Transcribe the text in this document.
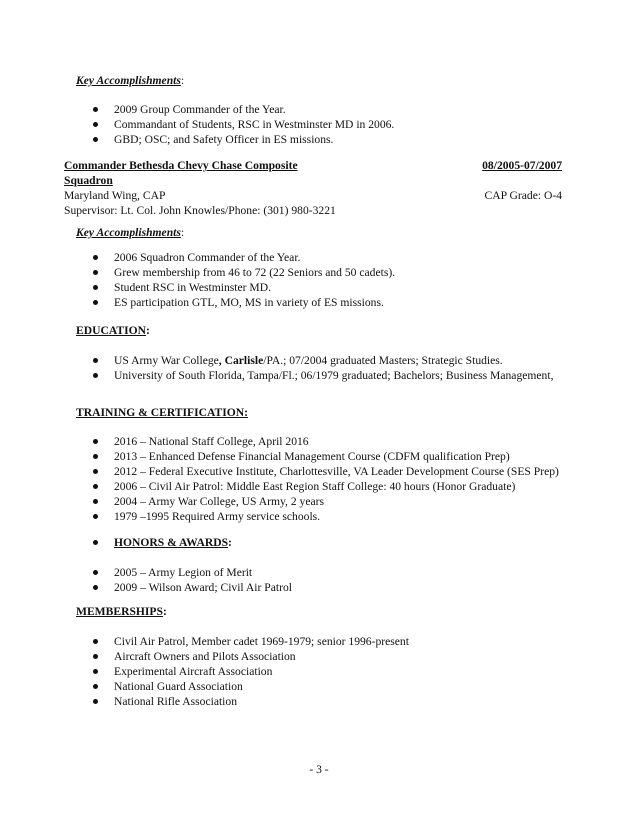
Key Accomplishments:
2009 Group Commander of the Year.
Commandant of Students, RSC in Westminster MD in 2006.
GBD; OSC; and Safety Officer in ES missions.
Commander Bethesda Chevy Chase Composite	08/2005-07/2007
Squadron
Maryland Wing, CAP	CAP Grade: O-4
Supervisor: Lt. Col. John Knowles/Phone: (301) 980-3221
Key Accomplishments:
2006 Squadron Commander of the Year.
Grew membership from 46 to 72 (22 Seniors and 50 cadets).
Student RSC in Westminster MD.
ES participation GTL, MO, MS in variety of ES missions.
EDUCATION:
US Army War College, Carlisle/PA.; 07/2004 graduated Masters; Strategic Studies.
University of South Florida, Tampa/Fl.; 06/1979 graduated; Bachelors; Business Management,
TRAINING & CERTIFICATION:
2016 – National Staff College, April 2016
2013 – Enhanced Defense Financial Management Course (CDFM qualification Prep)
2012 – Federal Executive Institute, Charlottesville, VA Leader Development Course (SES Prep)
2006 – Civil Air Patrol: Middle East Region Staff College: 40 hours (Honor Graduate)
2004 – Army War College, US Army, 2 years
1979 –1995 Required Army service schools.
HONORS & AWARDS:
2005 – Army Legion of Merit
2009 – Wilson Award; Civil Air Patrol
MEMBERSHIPS:
Civil Air Patrol, Member cadet 1969-1979; senior 1996-present
Aircraft Owners and Pilots Association
Experimental Aircraft Association
National Guard Association
National Rifle Association
- 3 -
